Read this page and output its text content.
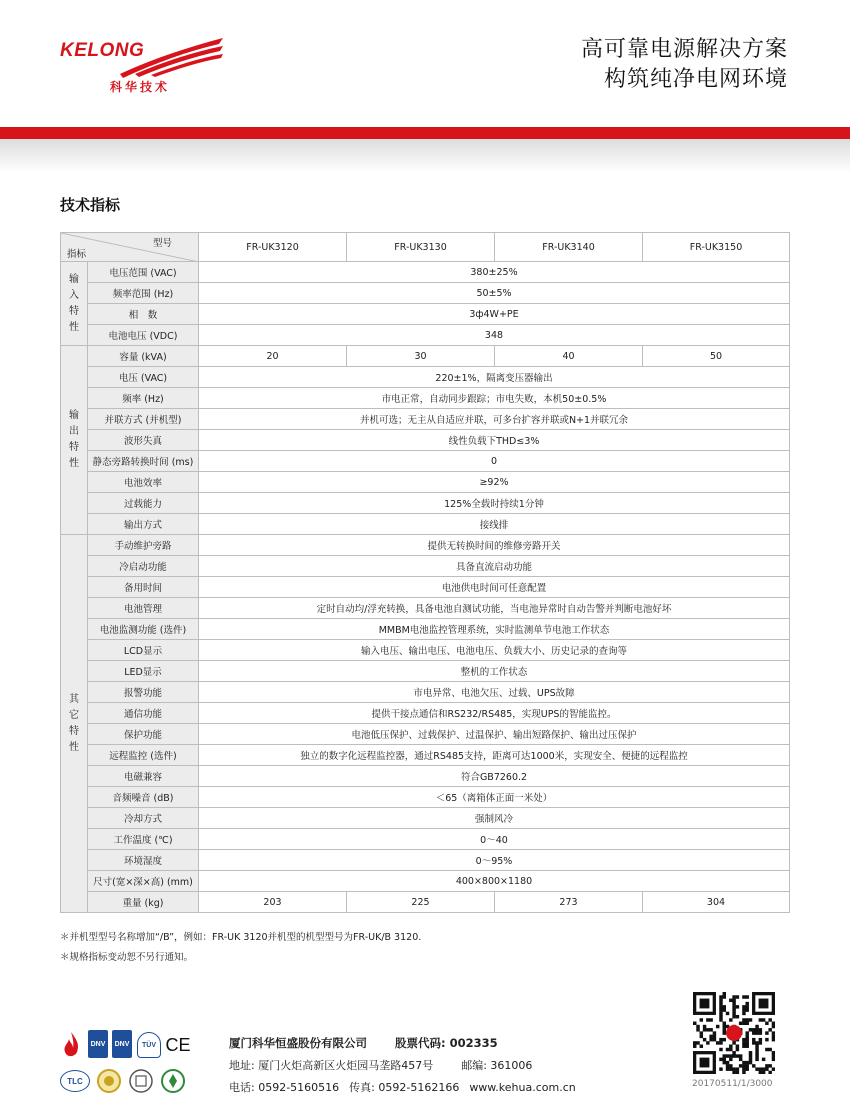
KELONG
科华技术
高可靠电源解决方案
构筑纯净电网环境
技术指标
型号
指标		FR-UK3120	FR-UK3130	FR-UK3140	FR-UK3150
输
入
特
性	电压范围 (VAC)	380±25%			
	频率范围 (Hz)	50±5%			
	相　数	3ф4W+PE			
	电池电压 (VDC)	348			
输
出
特
性	容量 (kVA)	20	30	40	50
	电压 (VAC)	220±1%，隔离变压器输出			
	频率 (Hz)	市电正常，自动同步跟踪；市电失败，本机50±0.5%			
	并联方式 (并机型)	并机可选；无主从自适应并联，可多台扩容并联或N+1并联冗余			
	波形失真	线性负载下THD≤3%			
	静态旁路转换时间 (ms)	0			
	电池效率	≥92%			
	过载能力	125%全载时持续1分钟			
	输出方式	接线排			
其
它
特
性	手动维护旁路	提供无转换时间的维修旁路开关			
	冷启动功能	具备直流启动功能			
	备用时间	电池供电时间可任意配置			
	电池管理	定时自动均/浮充转换，具备电池自测试功能，当电池异常时自动告警并判断电池好坏			
	电池监测功能 (选件)	MMBM电池监控管理系统，实时监测单节电池工作状态			
	LCD显示	输入电压、输出电压、电池电压、负载大小、历史记录的查询等			
	LED显示	整机的工作状态			
	报警功能	市电异常、电池欠压、过载、UPS故障			
	通信功能	提供干接点通信和RS232/RS485，实现UPS的智能监控。			
	保护功能	电池低压保护、过载保护、过温保护、输出短路保护、输出过压保护			
	远程监控 (选件)	独立的数字化远程监控器，通过RS485支持，距离可达1000米，实现安全、便捷的远程监控			
	电磁兼容	符合GB7260.2			
	音频噪音 (dB)	＜65（离箱体正面一米处）			
	冷却方式	强制风冷			
	工作温度 (℃)	0～40			
	环境湿度	0～95%			
	尺寸(宽×深×高) (mm)	400×800×1180			
	重量 (kg)	203	225	273	304
＊并机型型号名称增加“/B”，例如：FR-UK 3120并机型的机型型号为FR-UK/B 3120.
＊规格指标变动恕不另行通知。
DNV DNV TÜV CE
TLC
厦门科华恒盛股份有限公司 股票代码: 002335
地址: 厦门火炬高新区火炬园马垄路457号	邮编: 361006
电话: 0592-5160516 传真: 0592-5162166 www.kehua.com.cn	20170511/1/3000
